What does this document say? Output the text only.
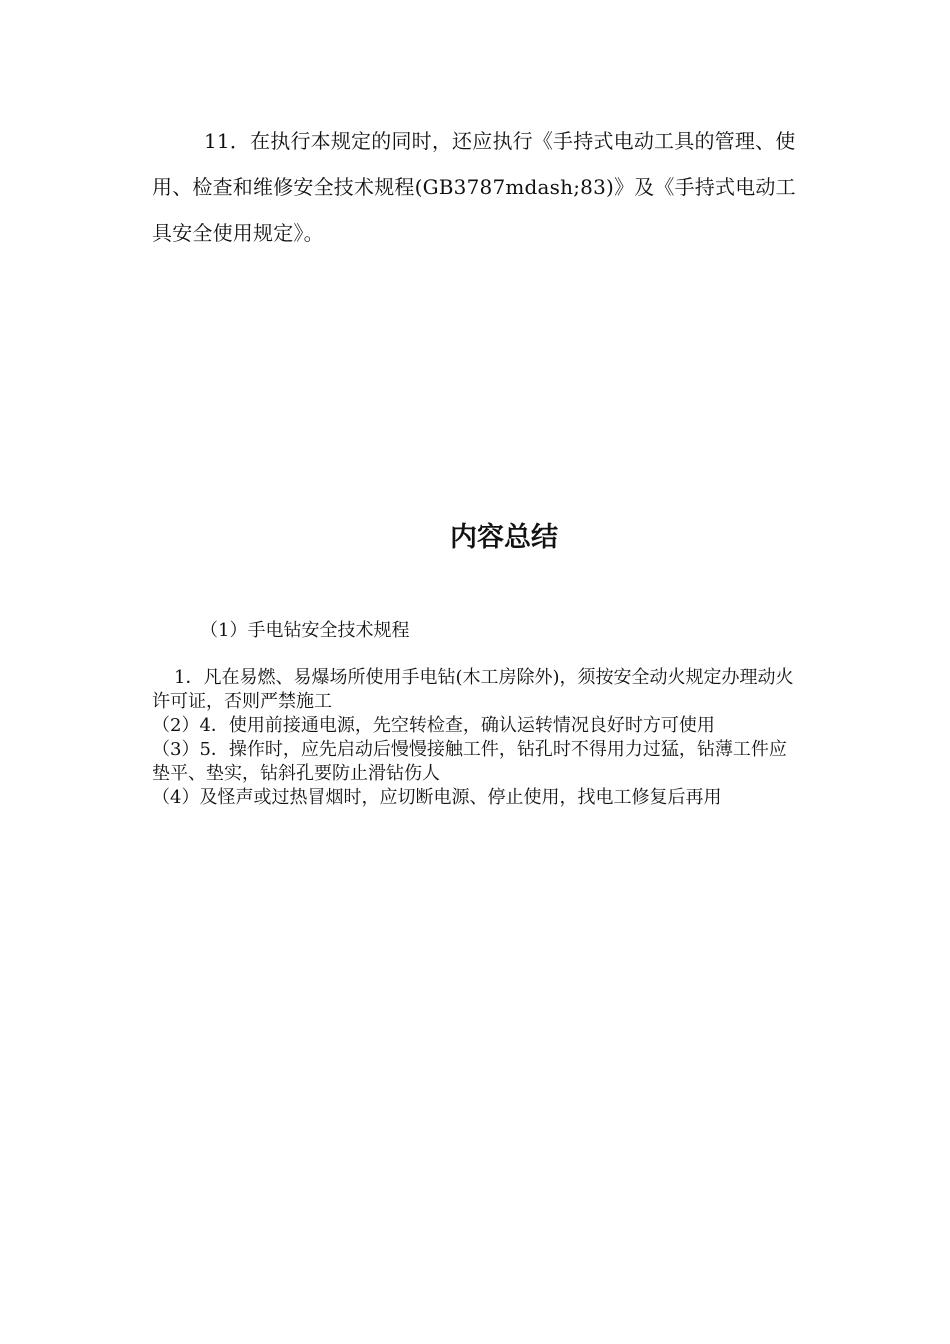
11．在执行本规定的同时，还应执行《手持式电动工具的管理、使用、检查和维修安全技术规程(GB3787mdash;83)》及《手持式电动工具安全使用规定》。

内容总结

（1）手电钻安全技术规程

1．凡在易燃、易爆场所使用手电钻(木工房除外)，须按安全动火规定办理动火许可证，否则严禁施工

（2）4．使用前接通电源，先空转检查，确认运转情况良好时方可使用

（3）5．操作时，应先启动后慢慢接触工件，钻孔时不得用力过猛，钻薄工件应垫平、垫实，钻斜孔要防止滑钻伤人

（4）及怪声或过热冒烟时，应切断电源、停止使用，找电工修复后再用
